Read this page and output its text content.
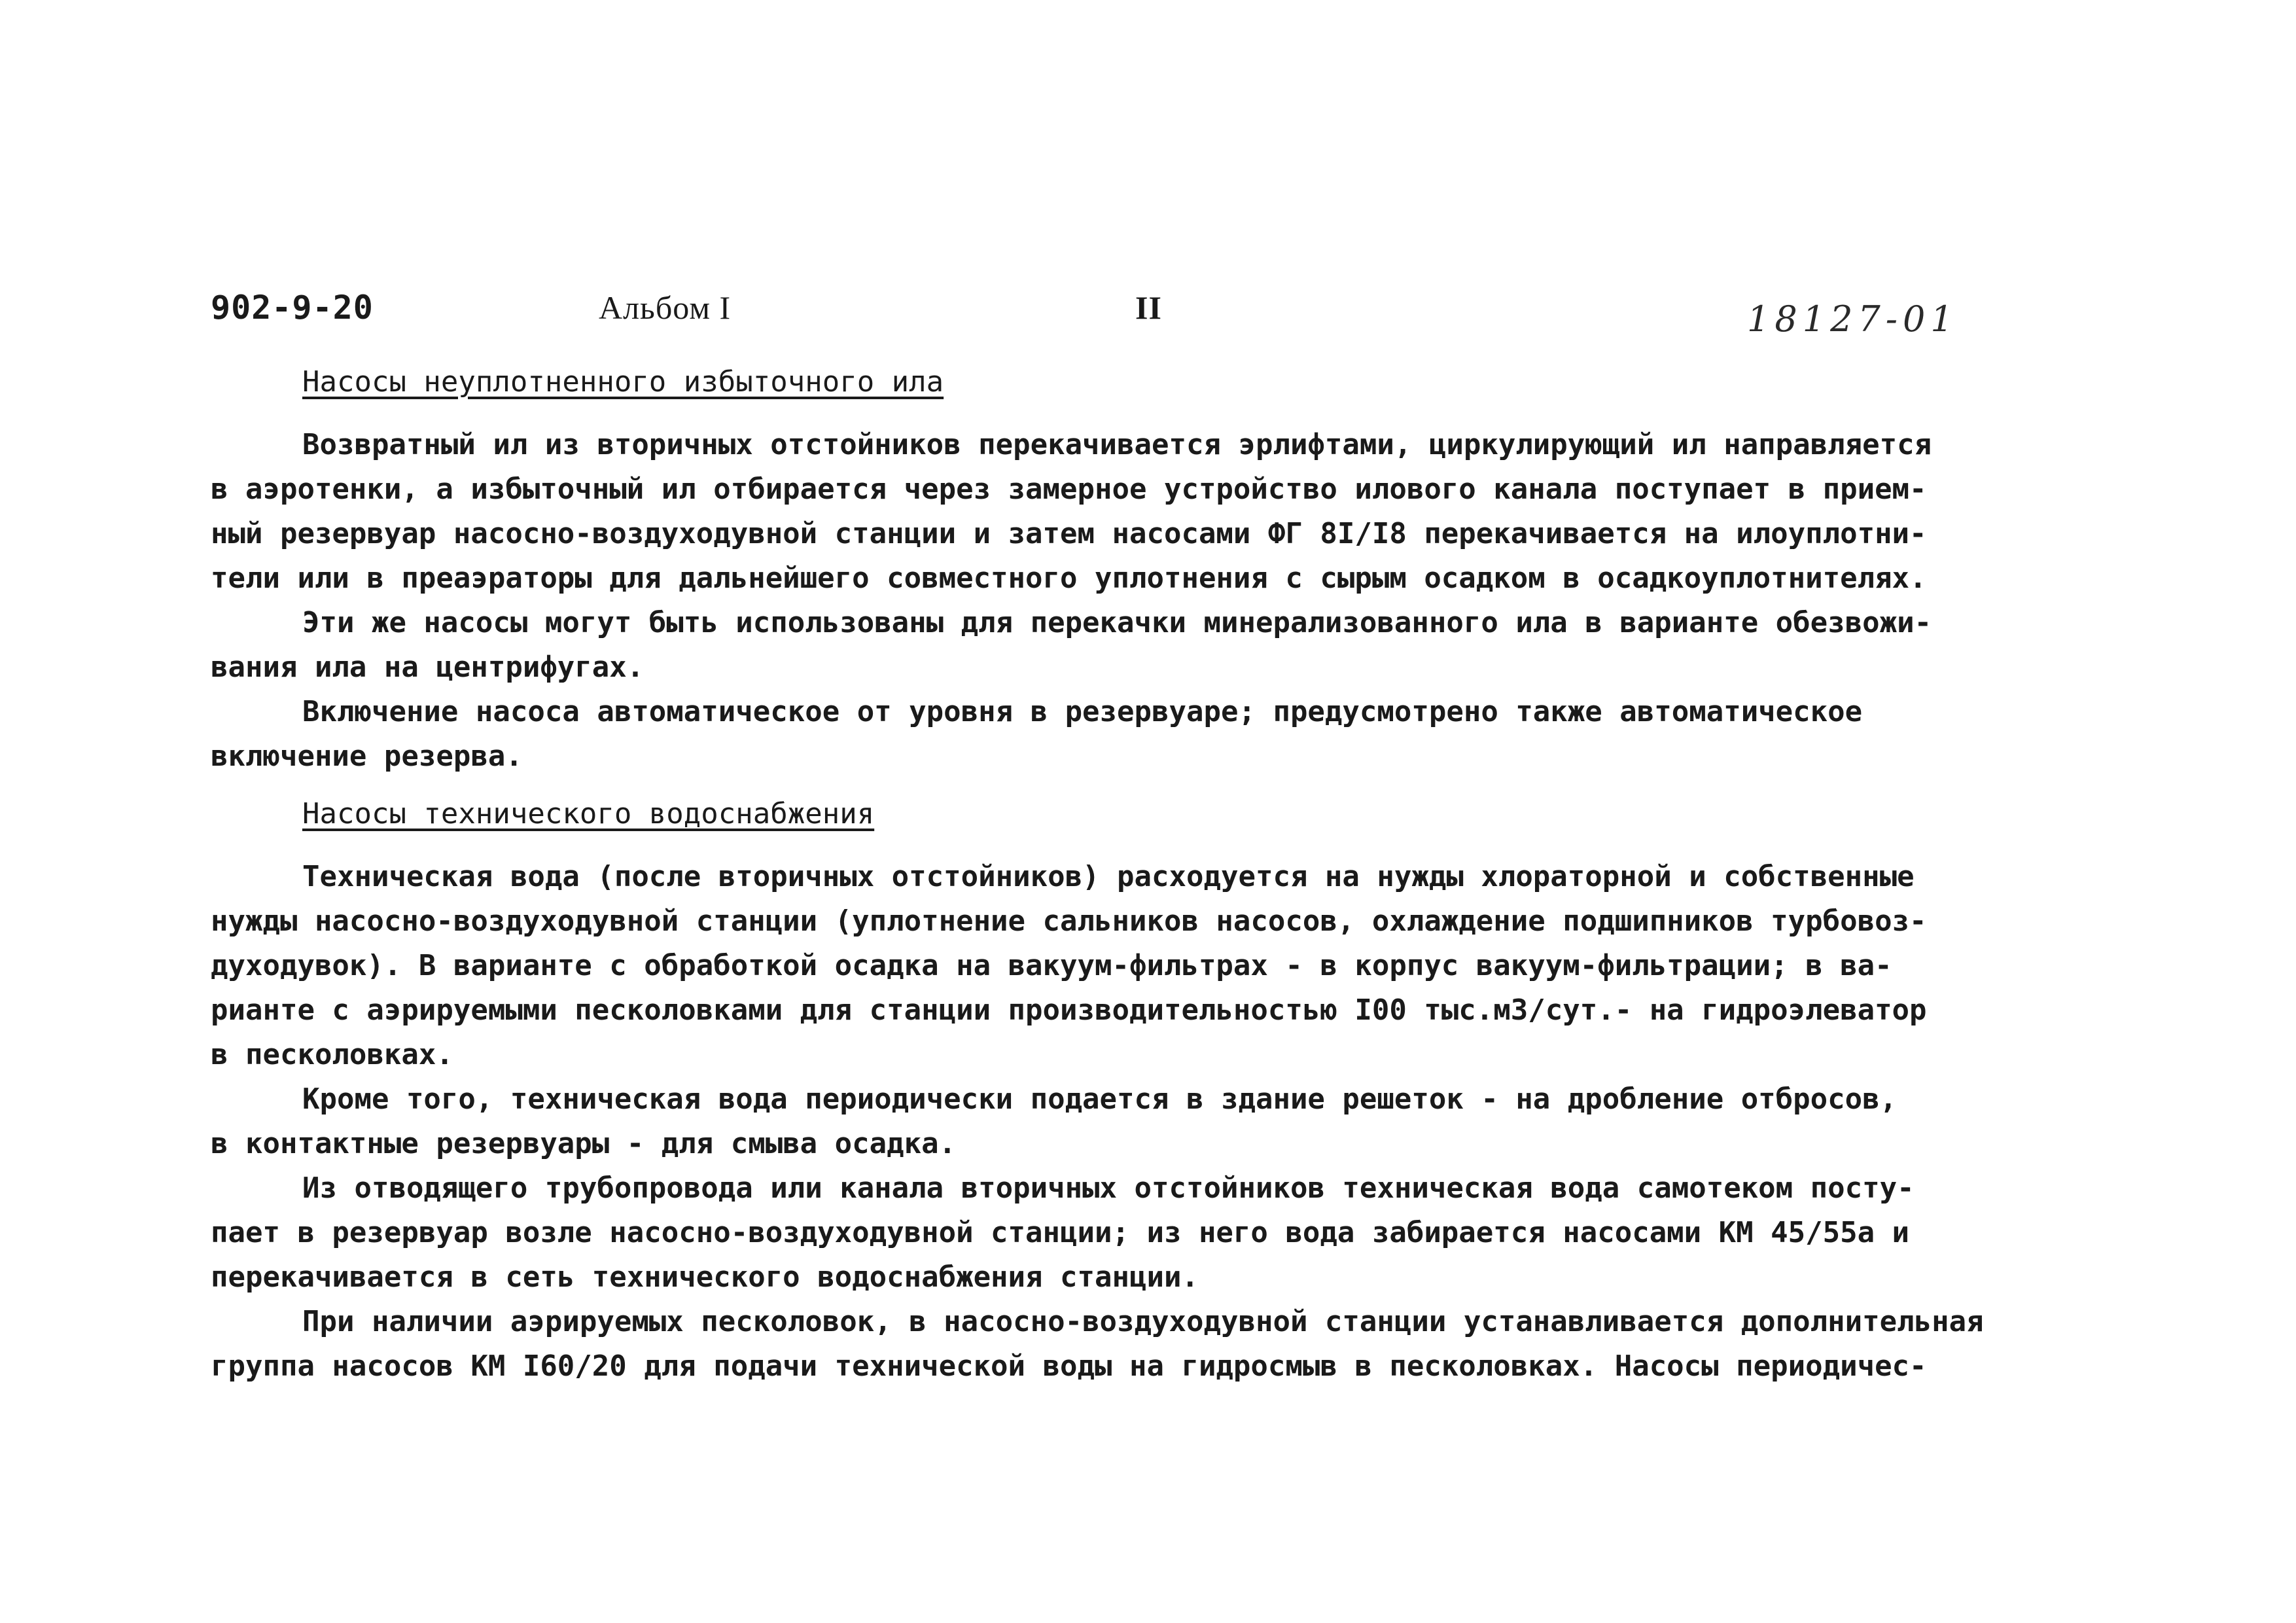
902-9-20	Альбом I	II	18127-01
Насосы неуплотненного избыточного ила
Возвратный ил из вторичных отстойников перекачивается эрлифтами, циркулирующий ил направляется
в аэротенки, а избыточный ил отбирается через замерное устройство илового канала поступает в прием-
ный резервуар насосно-воздуходувной станции и затем насосами ФГ 8I/I8 перекачивается на илоуплотни-
тели или в преаэраторы для дальнейшего совместного уплотнения с сырым осадком в осадкоуплотнителях.
Эти же насосы могут быть использованы для перекачки минерализованного ила в варианте обезвожи-
вания ила на центрифугах.
Включение насоса автоматическое от уровня в резервуаре; предусмотрено также автоматическое
включение резерва.
Насосы технического водоснабжения
Техническая вода (после вторичных отстойников) расходуется на нужды хлораторной и собственные
нужды насосно-воздуходувной станции (уплотнение сальников насосов, охлаждение подшипников турбовоз-
духодувок). В варианте с обработкой осадка на вакуум-фильтрах - в корпус вакуум-фильтрации; в ва-
рианте с аэрируемыми песколовками для станции производительностью I00 тыс.м3/сут.- на гидроэлеватор
в песколовках.
Кроме того, техническая вода периодически подается в здание решеток - на дробление отбросов,
в контактные резервуары - для смыва осадка.
Из отводящего трубопровода или канала вторичных отстойников техническая вода самотеком посту-
пает в резервуар возле насосно-воздуходувной станции; из него вода забирается насосами КМ 45/55а и
перекачивается в сеть технического водоснабжения станции.
При наличии аэрируемых песколовок, в насосно-воздуходувной станции устанавливается дополнительная
группа насосов КМ I60/20 для подачи технической воды на гидросмыв в песколовках. Насосы периодичес-
